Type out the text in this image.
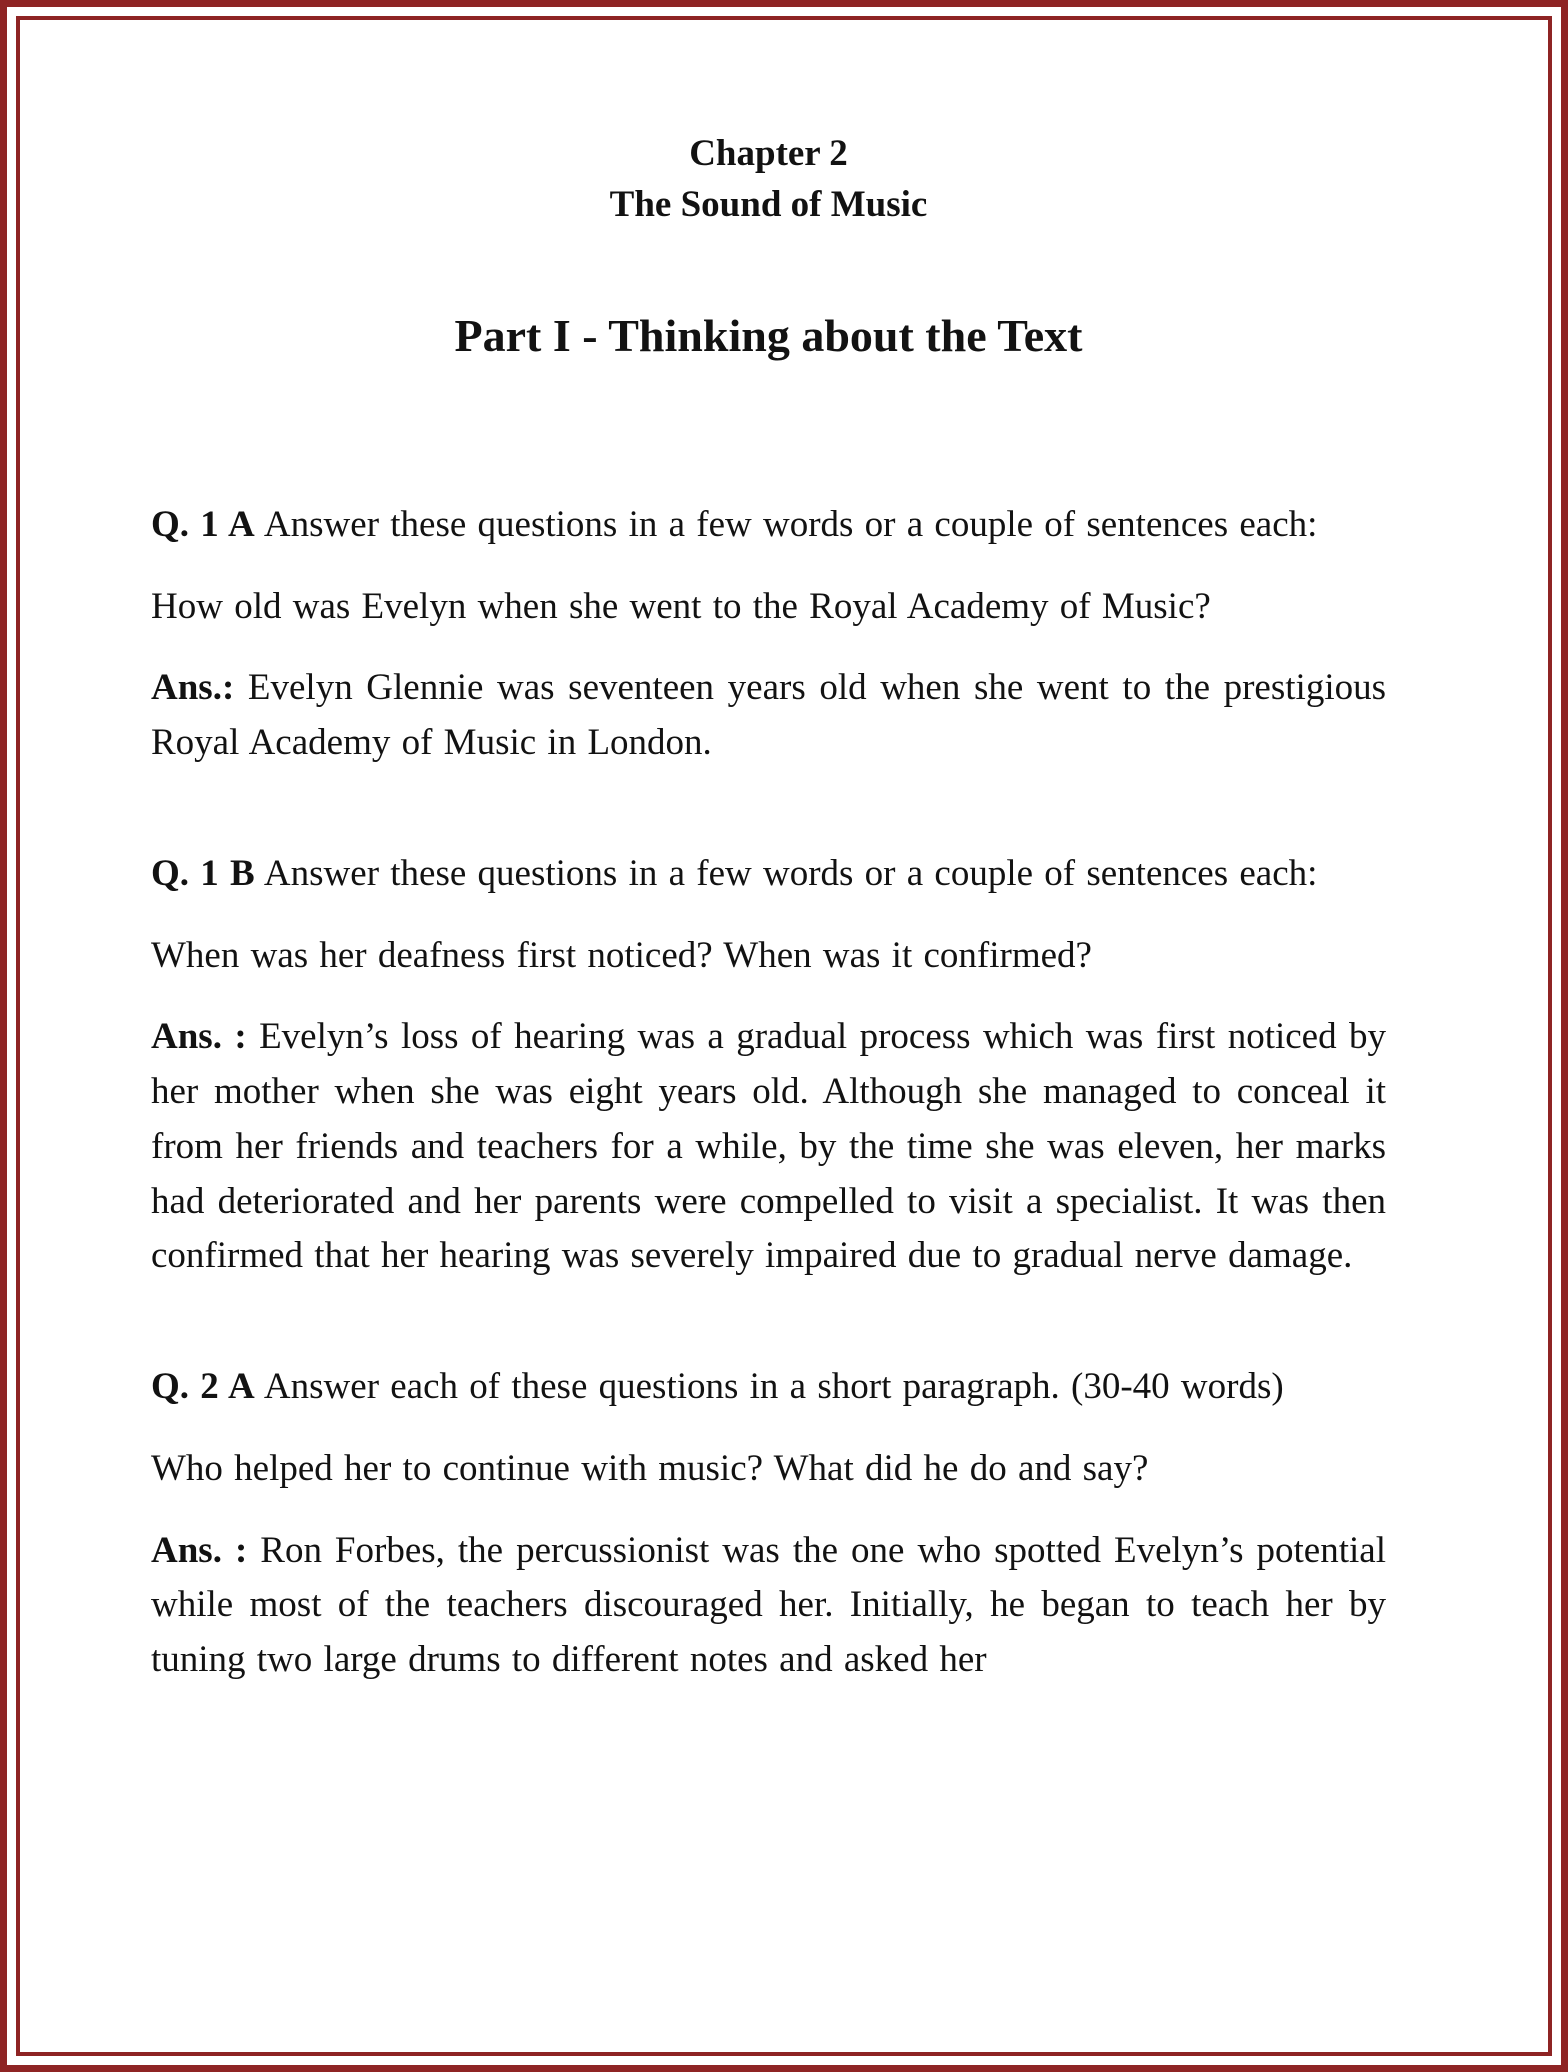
Chapter 2
The Sound of Music
Part I - Thinking about the Text

Q. 1 A Answer these questions in a few words or a couple of sentences each:

How old was Evelyn when she went to the Royal Academy of Music?

Ans.: Evelyn Glennie was seventeen years old when she went to the prestigious Royal Academy of Music in London.

Q. 1 B Answer these questions in a few words or a couple of sentences each:

When was her deafness first noticed? When was it confirmed?

Ans. : Evelyn’s loss of hearing was a gradual process which was first noticed by her mother when she was eight years old. Although she managed to conceal it from her friends and teachers for a while, by the time she was eleven, her marks had deteriorated and her parents were compelled to visit a specialist. It was then confirmed that her hearing was severely impaired due to gradual nerve damage.

Q. 2 A Answer each of these questions in a short paragraph. (30-40 words)

Who helped her to continue with music? What did he do and say?

Ans. : Ron Forbes, the percussionist was the one who spotted Evelyn’s potential while most of the teachers discouraged her. Initially, he began to teach her by tuning two large drums to different notes and asked her
